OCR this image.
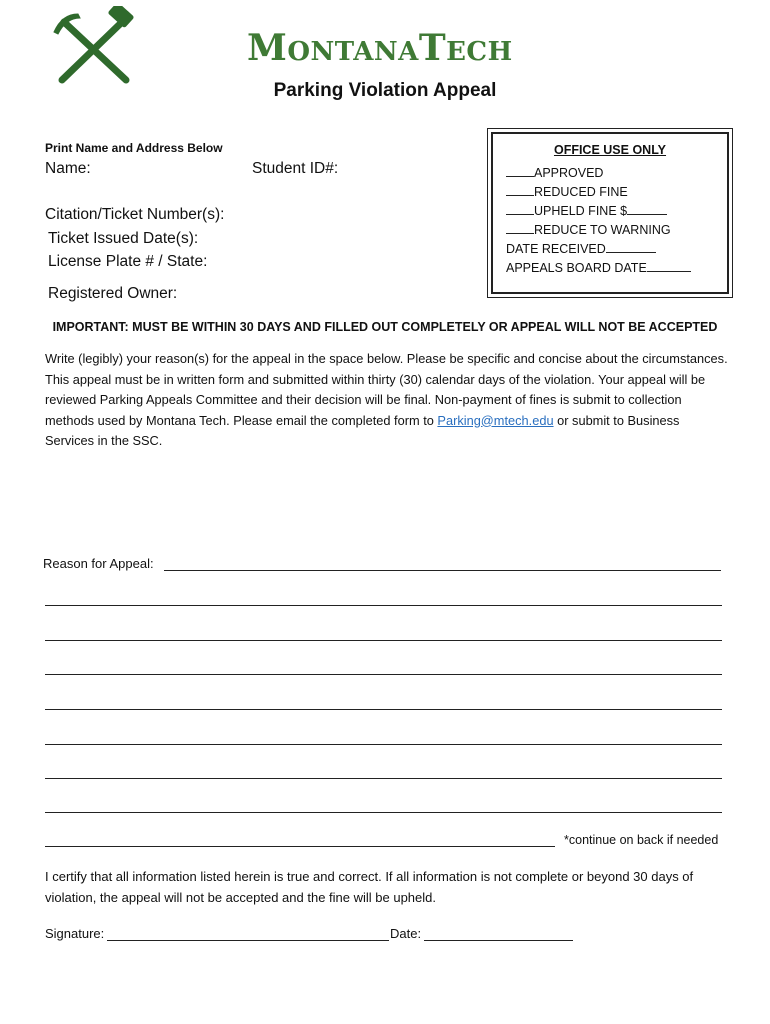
MONTANATECH
Parking Violation Appeal
Print Name and Address Below
Name:	Student ID#:
Citation/Ticket Number(s):
Ticket Issued Date(s):
License Plate # / State:
Registered Owner:
OFFICE USE ONLY
APPROVED
REDUCED FINE
UPHELD FINE $
REDUCE TO WARNING
DATE RECEIVED
APPEALS BOARD DATE
IMPORTANT: MUST BE WITHIN 30 DAYS AND FILLED OUT COMPLETELY OR APPEAL WILL NOT BE ACCEPTED
Write (legibly) your reason(s) for the appeal in the space below. Please be specific and concise about the circumstances. This appeal must be in written form and submitted within thirty (30) calendar days of the violation. Your appeal will be reviewed Parking Appeals Committee and their decision will be final. Non-payment of fines is submit to collection methods used by Montana Tech. Please email the completed form to Parking@mtech.edu or submit to Business Services in the SSC.
Reason for Appeal:
*continue on back if needed
I certify that all information listed herein is true and correct. If all information is not complete or beyond 30 days of violation, the appeal will not be accepted and the fine will be upheld.
Signature:	Date:
